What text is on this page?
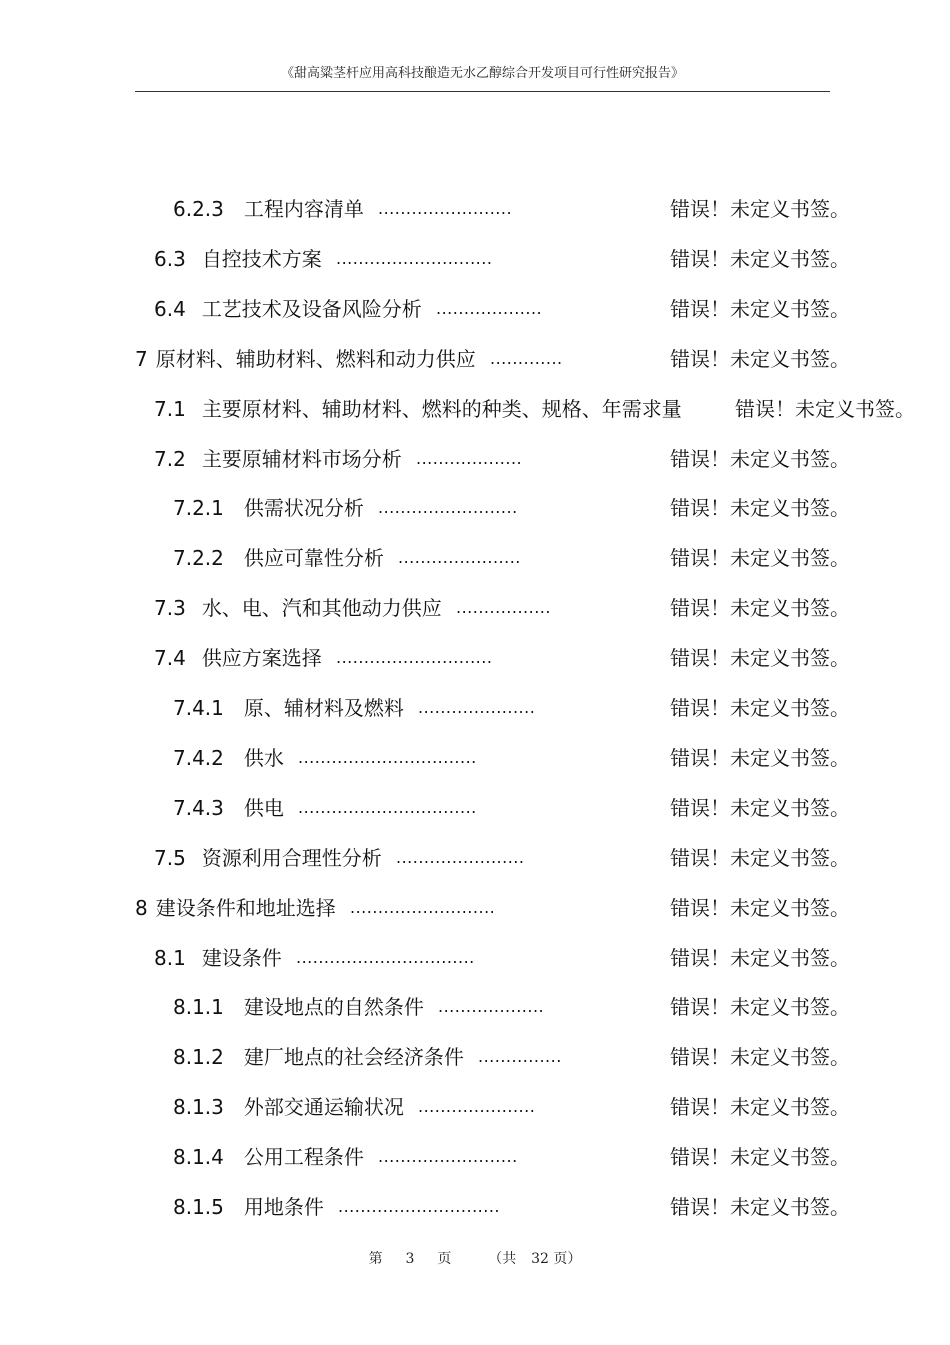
《甜高粱茎杆应用高科技酿造无水乙醇综合开发项目可行性研究报告》
6.2.3 工程内容清单 ........................	错误！未定义书签。
6.3 自控技术方案 ............................	错误！未定义书签。
6.4 工艺技术及设备风险分析 ...................	错误！未定义书签。
7 原材料、辅助材料、燃料和动力供应 .............	错误！未定义书签。
7.1 主要原材料、辅助材料、燃料的种类、规格、年需求量	错误！未定义书签。
7.2 主要原辅材料市场分析 ...................	错误！未定义书签。
7.2.1 供需状况分析 .........................	错误！未定义书签。
7.2.2 供应可靠性分析 ......................	错误！未定义书签。
7.3 水、电、汽和其他动力供应 .................	错误！未定义书签。
7.4 供应方案选择 ............................	错误！未定义书签。
7.4.1 原、辅材料及燃料 .....................	错误！未定义书签。
7.4.2 供水 ................................	错误！未定义书签。
7.4.3 供电 ................................	错误！未定义书签。
7.5 资源利用合理性分析 .......................	错误！未定义书签。
8 建设条件和地址选择 ..........................	错误！未定义书签。
8.1 建设条件 ................................	错误！未定义书签。
8.1.1 建设地点的自然条件 ...................	错误！未定义书签。
8.1.2 建厂地点的社会经济条件 ...............	错误！未定义书签。
8.1.3 外部交通运输状况 .....................	错误！未定义书签。
8.1.4 公用工程条件 .........................	错误！未定义书签。
8.1.5 用地条件 .............................	错误！未定义书签。
第 3 页	（共 32 页）
